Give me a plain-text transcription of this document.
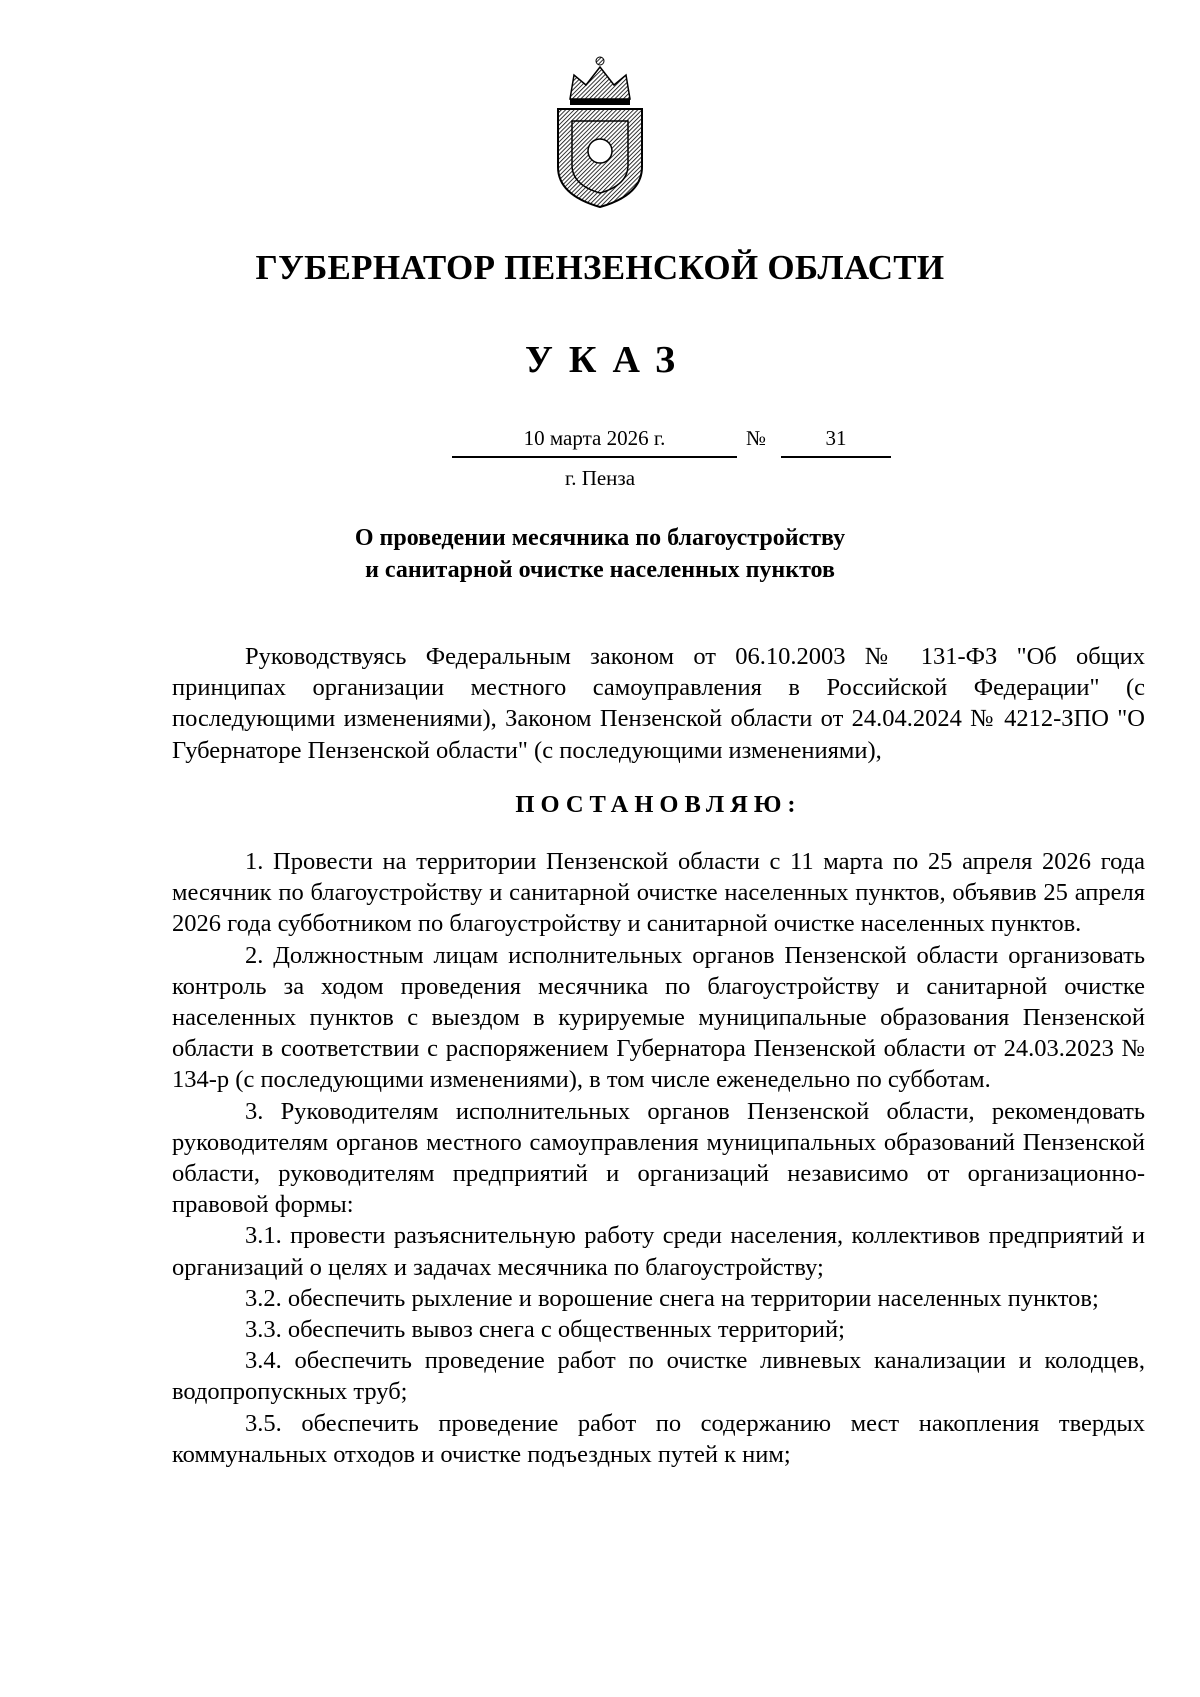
ГУБЕРНАТОР ПЕНЗЕНСКОЙ ОБЛАСТИ
УКАЗ
10 марта 2026 г.	№	31
г. Пенза
О проведении месячника по благоустройству
и санитарной очистке населенных пунктов

Руководствуясь Федеральным законом от 06.10.2003 № 131-ФЗ "Об общих принципах организации местного самоуправления в Российской Федерации" (с последующими изменениями), Законом Пензенской области от 24.04.2024 № 4212-ЗПО "О Губернаторе Пензенской области" (с последующими изменениями),

ПОСТАНОВЛЯЮ:

1. Провести на территории Пензенской области с 11 марта по 25 апреля 2026 года месячник по благоустройству и санитарной очистке населенных пунктов, объявив 25 апреля 2026 года субботником по благоустройству и санитарной очистке населенных пунктов.

2. Должностным лицам исполнительных органов Пензенской области организовать контроль за ходом проведения месячника по благоустройству и санитарной очистке населенных пунктов с выездом в курируемые муниципальные образования Пензенской области в соответствии с распоряжением Губернатора Пензенской области от 24.03.2023 № 134-р (с последующими изменениями), в том числе еженедельно по субботам.

3. Руководителям исполнительных органов Пензенской области, рекомендовать руководителям органов местного самоуправления муниципальных образований Пензенской области, руководителям предприятий и организаций независимо от организационно-правовой формы:

3.1. провести разъяснительную работу среди населения, коллективов предприятий и организаций о целях и задачах месячника по благоустройству;

3.2. обеспечить рыхление и ворошение снега на территории населенных пунктов;

3.3. обеспечить вывоз снега с общественных территорий;

3.4. обеспечить проведение работ по очистке ливневых канализации и колодцев, водопропускных труб;

3.5. обеспечить проведение работ по содержанию мест накопления твердых коммунальных отходов и очистке подъездных путей к ним;
